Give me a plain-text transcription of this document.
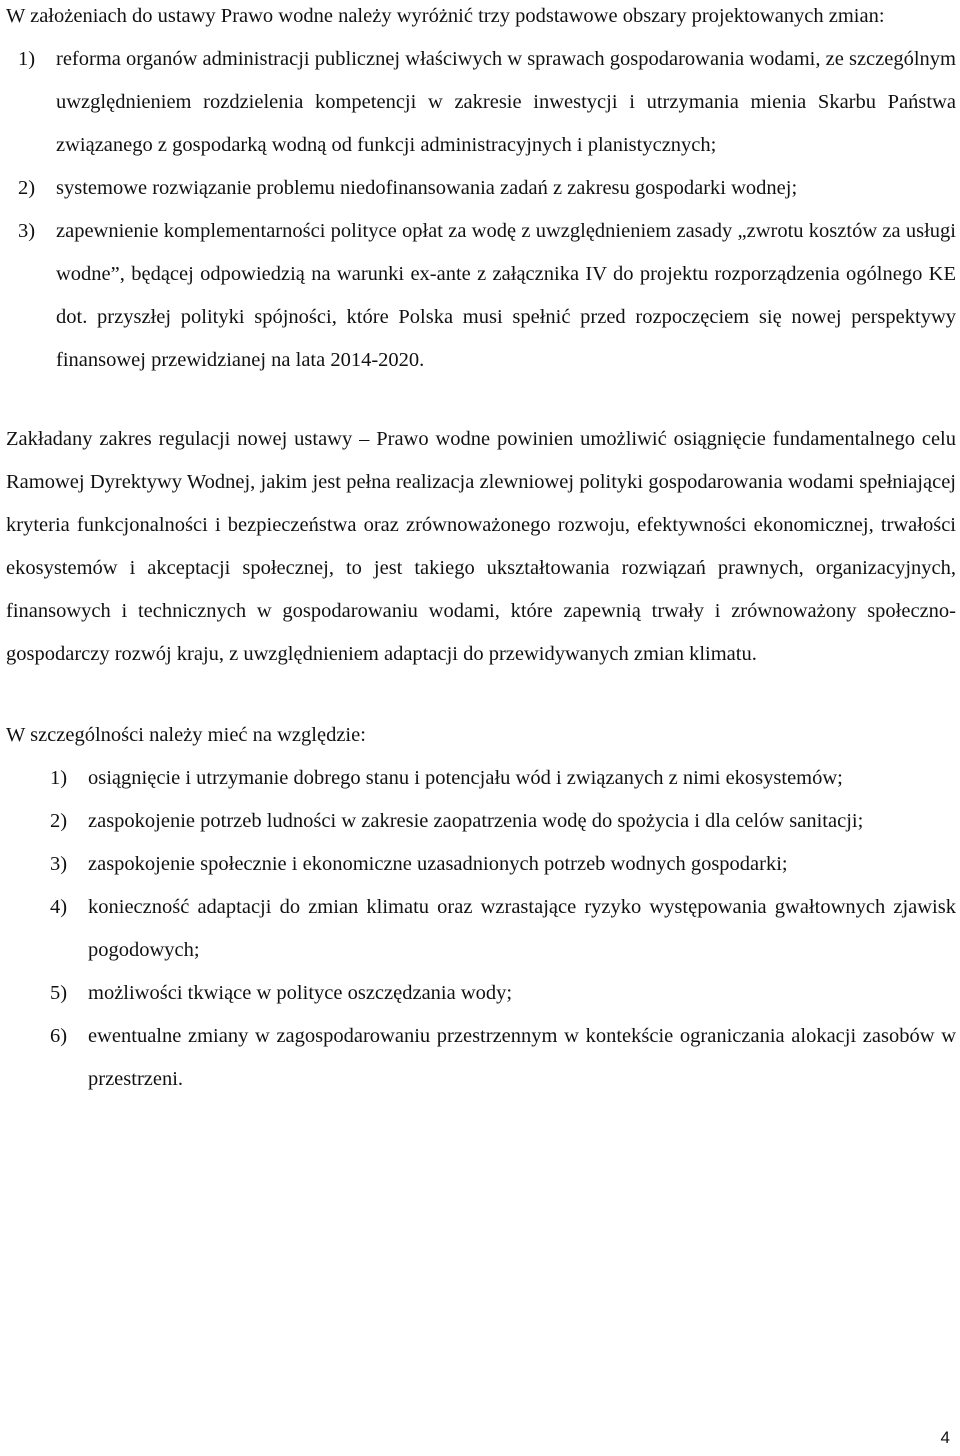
W założeniach do ustawy Prawo wodne należy wyróżnić trzy podstawowe obszary projektowanych zmian:

1) reforma organów administracji publicznej właściwych w sprawach gospodarowania wodami, ze szczególnym uwzględnieniem rozdzielenia kompetencji w zakresie inwestycji i utrzymania mienia Skarbu Państwa związanego z gospodarką wodną od funkcji administracyjnych i planistycznych;
2) systemowe rozwiązanie problemu niedofinansowania zadań z zakresu gospodarki wodnej;
3) zapewnienie komplementarności polityce opłat za wodę z uwzględnieniem zasady „zwrotu kosztów za usługi wodne”, będącej odpowiedzią na warunki ex-ante z załącznika IV do projektu rozporządzenia ogólnego KE dot. przyszłej polityki spójności, które Polska musi spełnić przed rozpoczęciem się nowej perspektywy finansowej przewidzianej na lata 2014-2020.

Zakładany zakres regulacji nowej ustawy – Prawo wodne powinien umożliwić osiągnięcie fundamentalnego celu Ramowej Dyrektywy Wodnej, jakim jest pełna realizacja zlewniowej polityki gospodarowania wodami spełniającej kryteria funkcjonalności i bezpieczeństwa oraz zrównoważonego rozwoju, efektywności ekonomicznej, trwałości ekosystemów i akceptacji społecznej, to jest takiego ukształtowania rozwiązań prawnych, organizacyjnych, finansowych i technicznych w gospodarowaniu wodami, które zapewnią trwały i zrównoważony społeczno-gospodarczy rozwój kraju, z uwzględnieniem adaptacji do przewidywanych zmian klimatu.

W szczególności należy mieć na względzie:

1) osiągnięcie i utrzymanie dobrego stanu i potencjału wód i związanych z nimi ekosystemów;
2) zaspokojenie potrzeb ludności w zakresie zaopatrzenia wodę do spożycia i dla celów sanitacji;
3) zaspokojenie społecznie i ekonomiczne uzasadnionych potrzeb wodnych gospodarki;
4) konieczność adaptacji do zmian klimatu oraz wzrastające ryzyko występowania gwałtownych zjawisk pogodowych;
5) możliwości tkwiące w polityce oszczędzania wody;
6) ewentualne zmiany w zagospodarowaniu przestrzennym w kontekście ograniczania alokacji zasobów w przestrzeni.
4
